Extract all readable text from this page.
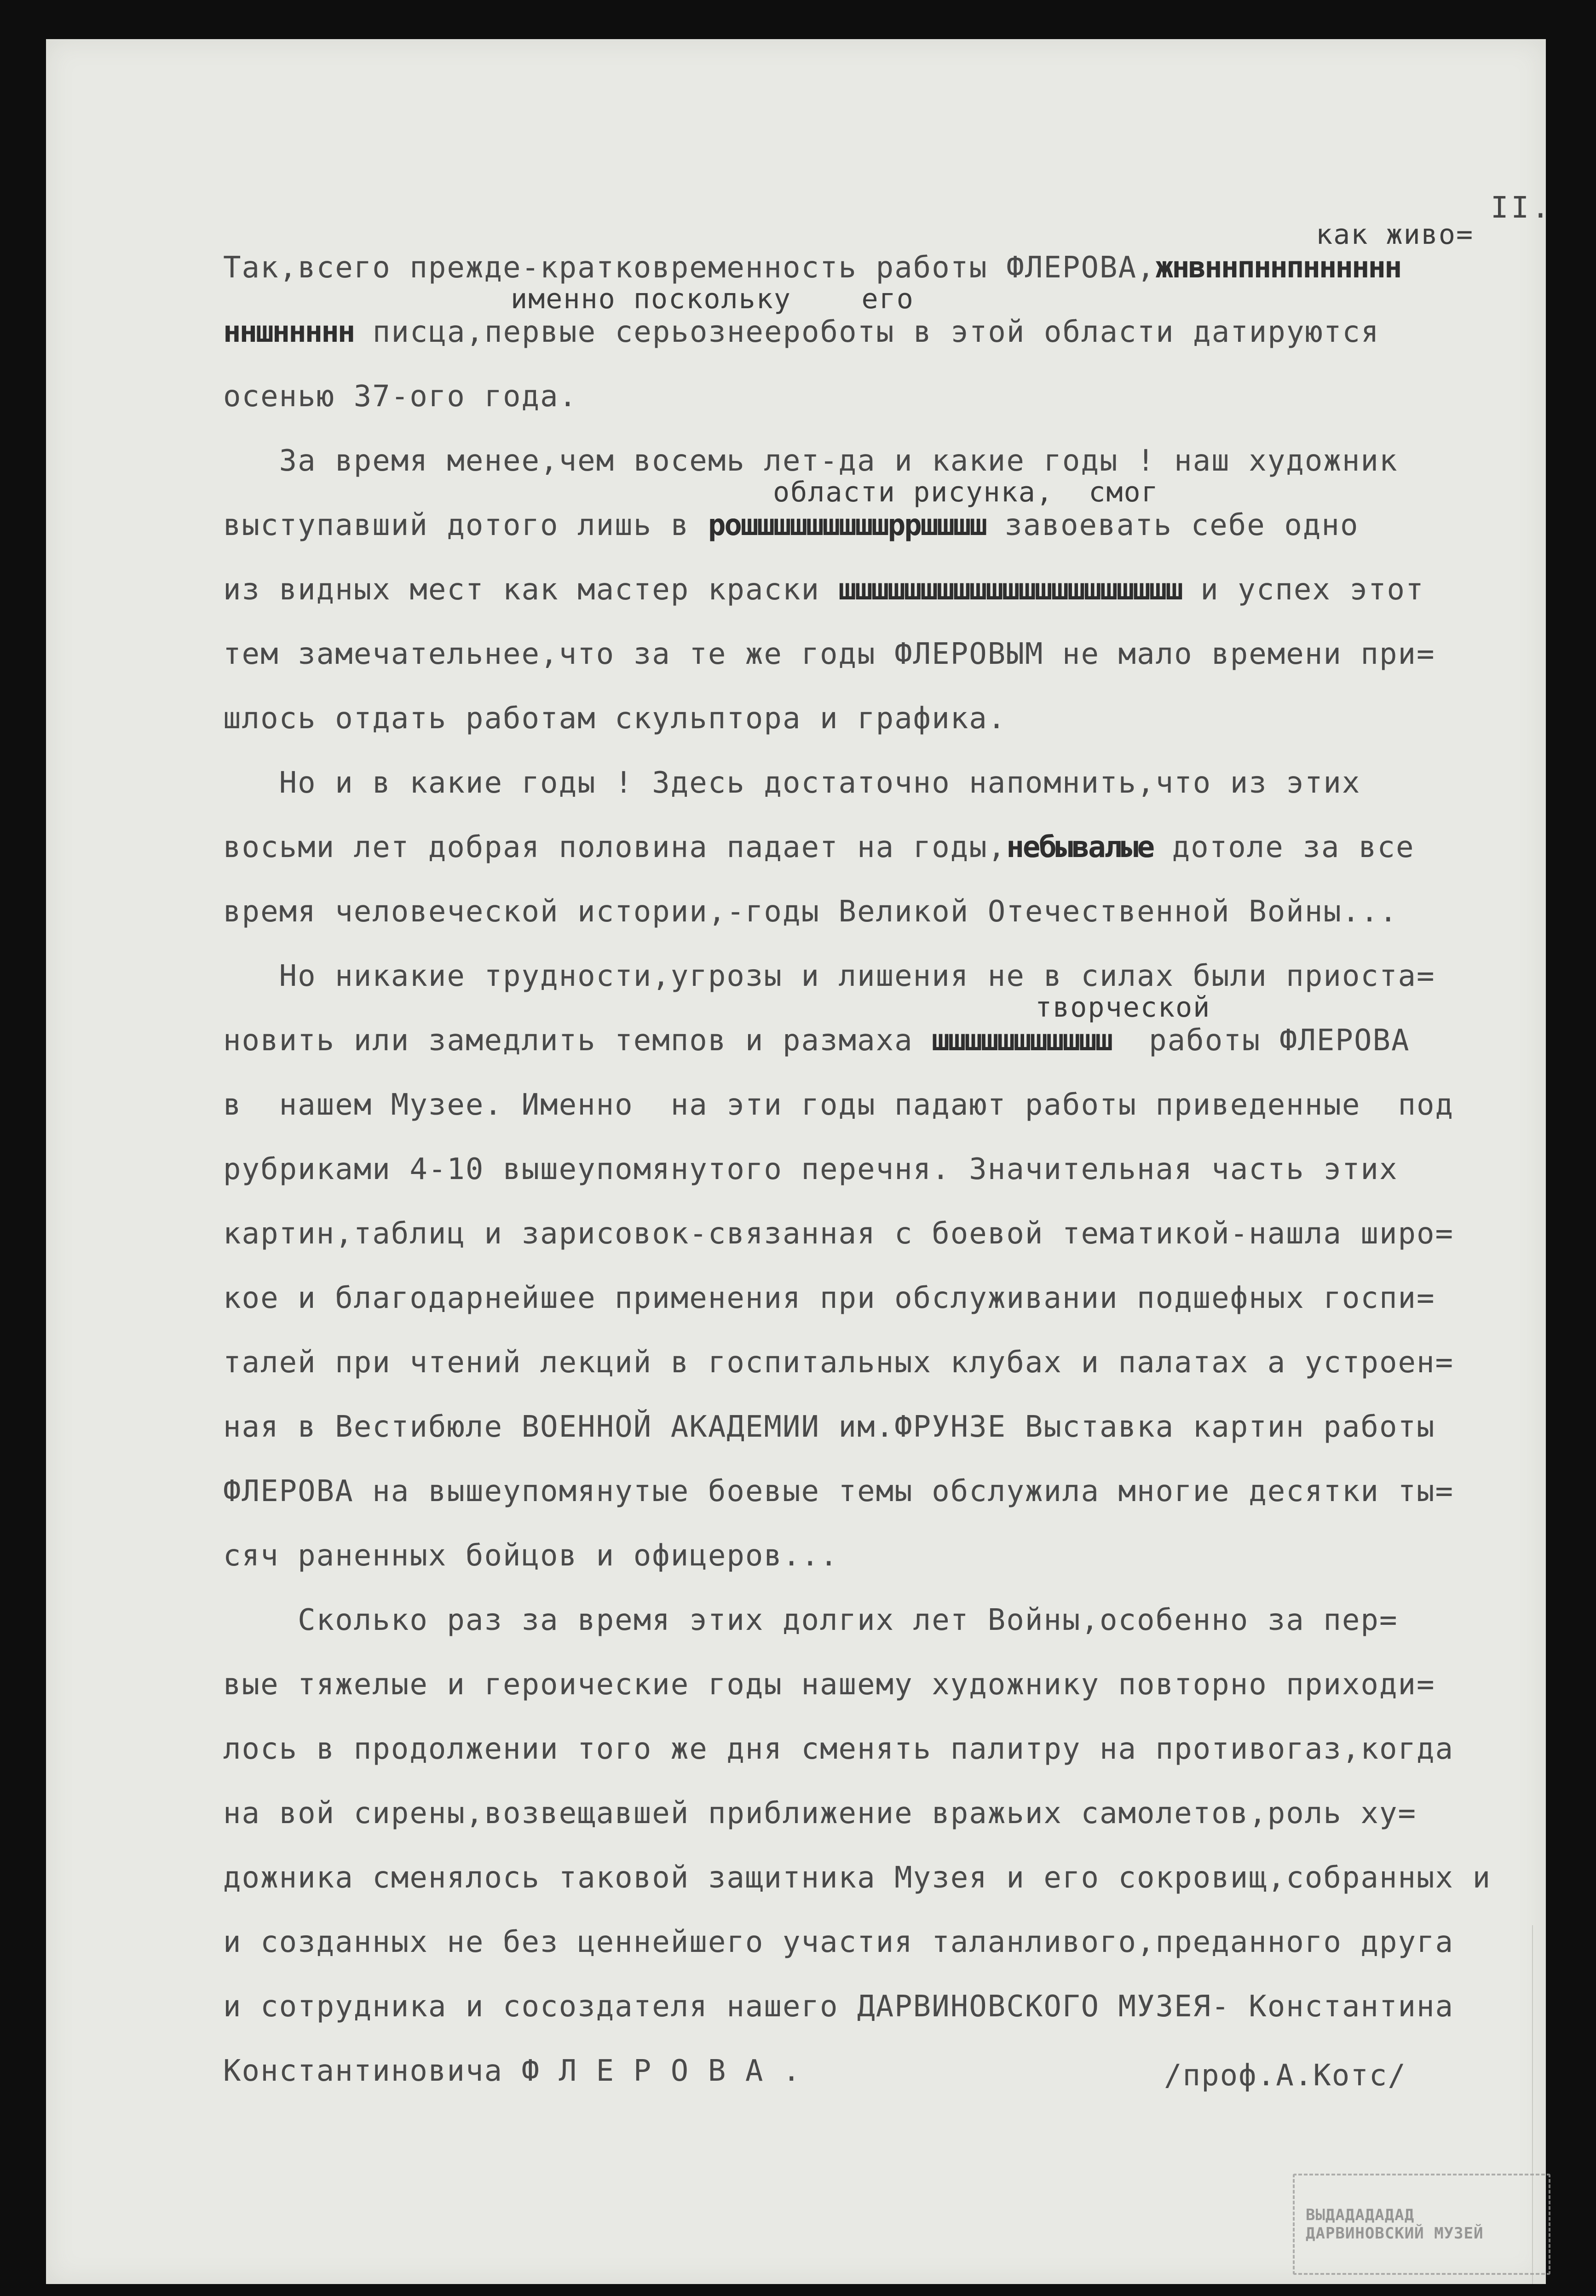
II.
Так,всего прежде-кратковременность работы ФЛЕРОВА,жнвннпннпнннннн
нншннннн писца,первые серьознеероботы в этой области датируются
осенью 37-ого года.
За время менее,чем восемь лет-да и какие годы ! наш художник
выступавший дотого лишь в рошшшшшшшшшрршшшш завоевать себе одно
из видных мест как мастер краски шшшшшшшшшшшшшшшшшшшшш и успех этот
тем замечательнее,что за те же годы ФЛЕРОВЫМ не мало времени при=
шлось отдать работам скульптора и графика.
Но и в какие годы ! Здесь достаточно напомнить,что из этих
восьми лет добрая половина падает на годы,небывалые дотоле за все
время человеческой истории,-годы Великой Отечественной Войны...
Но никакие трудности,угрозы и лишения не в силах были приоста=
новить или замедлить темпов и размаха шшшшшшшшшшш  работы ФЛЕРОВА
в  нашем Музее. Именно  на эти годы падают работы приведенные  под
рубриками 4-10 вышеупомянутого перечня. Значительная часть этих
картин,таблиц и зарисовок-связанная с боевой тематикой-нашла широ=
кое и благодарнейшее применения при обслуживании подшефных госпи=
талей при чтений лекций в госпитальных клубах и палатах а устроен=
ная в Вестибюле ВОЕННОЙ АКАДЕМИИ им.ФРУНЗЕ Выставка картин работы
ФЛЕРОВА на вышеупомянутые боевые темы обслужила многие десятки ты=
сяч раненных бойцов и офицеров...
Сколько раз за время этих долгих лет Войны,особенно за пер=
вые тяжелые и героические годы нашему художнику повторно приходи=
лось в продолжении того же дня сменять палитру на противогаз,когда
на вой сирены,возвещавшей приближение вражьих самолетов,роль ху=
дожника сменялось таковой защитника Музея и его сокровищ,собранных и
и созданных не без ценнейшего участия таланливого,преданного друга
и сотрудника и сосоздателя нашего ДАРВИНОВСКОГО МУЗЕЯ- Константина
Константиновича Ф Л Е Р О В А .
как живо=
именно поскольку    его
области рисунка,  смог
творческой
/проф.А.Котс/
ВЫДАДАДАДАД
ДАРВИНОВСКИЙ МУЗЕЙ
